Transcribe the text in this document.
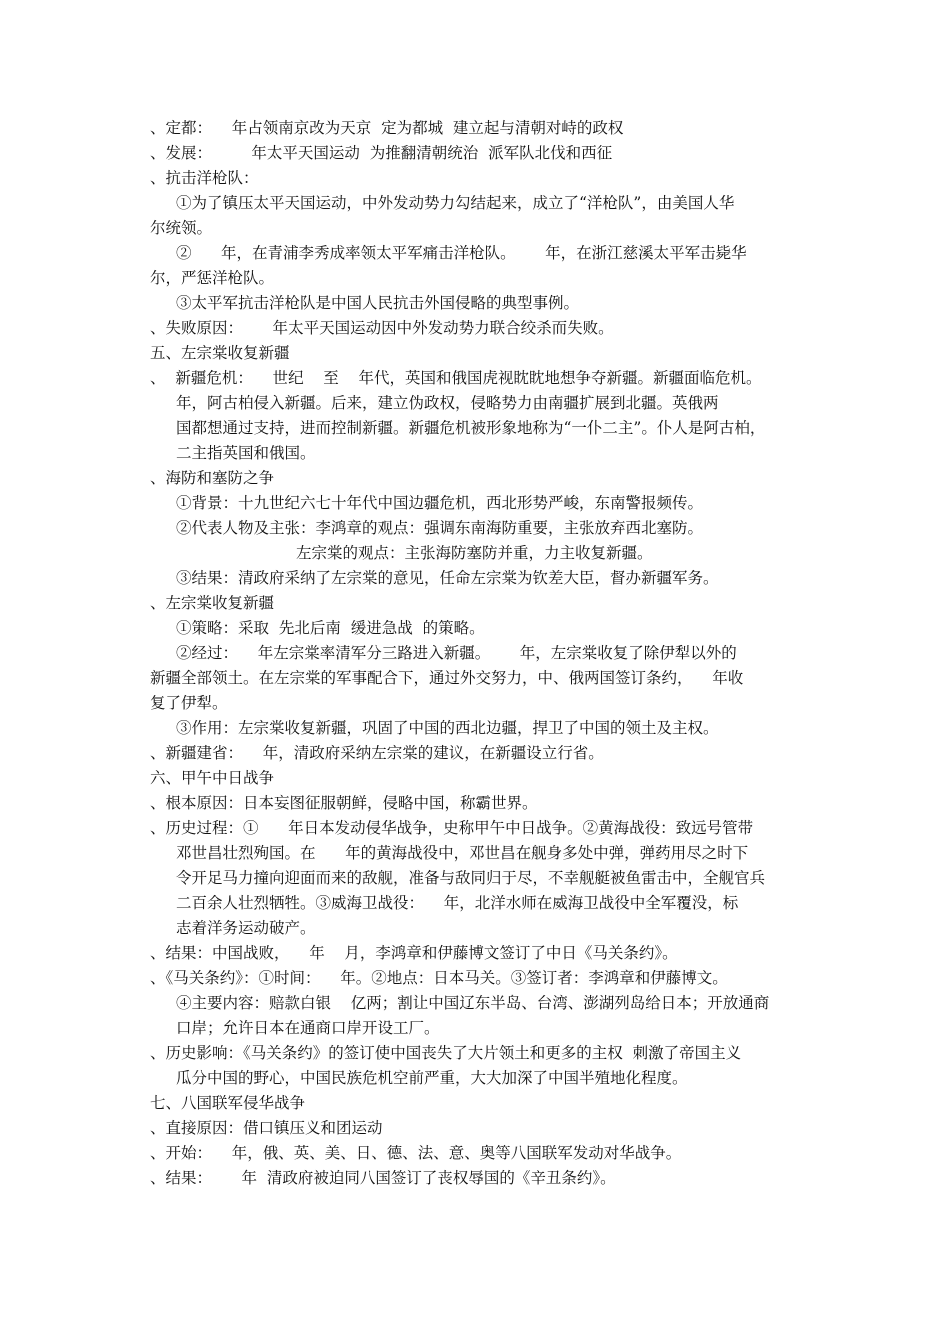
、定都：    年占领南京改为天京  定为都城  建立起与清朝对峙的政权
、发展：        年太平天国运动  为推翻清朝统治  派军队北伐和西征
、抗击洋枪队：
①为了镇压太平天国运动，中外发动势力勾结起来，成立了“洋枪队”，由美国人华
尔统领。
②      年，在青浦李秀成率领太平军痛击洋枪队。      年，在浙江慈溪太平军击毙华
尔，严惩洋枪队。
③太平军抗击洋枪队是中国人民抗击外国侵略的典型事例。
、失败原因：      年太平天国运动因中外发动势力联合绞杀而失败。
五、左宗棠收复新疆
、  新疆危机：    世纪    至    年代，英国和俄国虎视眈眈地想争夺新疆。新疆面临危机。
年，阿古柏侵入新疆。后来，建立伪政权，侵略势力由南疆扩展到北疆。英俄两
国都想通过支持，进而控制新疆。新疆危机被形象地称为“一仆二主”。仆人是阿古柏，
二主指英国和俄国。
、海防和塞防之争
①背景：十九世纪六七十年代中国边疆危机，西北形势严峻，东南警报频传。
②代表人物及主张：李鸿章的观点：强调东南海防重要，主张放弃西北塞防。
左宗棠的观点：主张海防塞防并重，力主收复新疆。
③结果：清政府采纳了左宗棠的意见，任命左宗棠为钦差大臣，督办新疆军务。
、左宗棠收复新疆
①策略：采取  先北后南  缓进急战  的策略。
②经过：    年左宗棠率清军分三路进入新疆。      年，左宗棠收复了除伊犁以外的
新疆全部领土。在左宗棠的军事配合下，通过外交努力，中、俄两国签订条约，    年收
复了伊犁。
③作用：左宗棠收复新疆，巩固了中国的西北边疆，捍卫了中国的领土及主权。
、新疆建省：    年，清政府采纳左宗棠的建议，在新疆设立行省。
六、甲午中日战争
、根本原因：日本妄图征服朝鲜，侵略中国，称霸世界。
、历史过程：①      年日本发动侵华战争，史称甲午中日战争。②黄海战役：致远号管带
邓世昌壮烈殉国。在      年的黄海战役中，邓世昌在舰身多处中弹，弹药用尽之时下
令开足马力撞向迎面而来的敌舰，准备与敌同归于尽，不幸舰艇被鱼雷击中，全舰官兵
二百余人壮烈牺牲。③威海卫战役：    年，北洋水师在威海卫战役中全军覆没，标
志着洋务运动破产。
、结果：中国战败，    年    月，李鸿章和伊藤博文签订了中日《马关条约》。
、《马关条约》：①时间：    年。②地点：日本马关。③签订者：李鸿章和伊藤博文。
④主要内容：赔款白银    亿两；割让中国辽东半岛、台湾、澎湖列岛给日本；开放通商
口岸；允许日本在通商口岸开设工厂。
、历史影响：《马关条约》的签订使中国丧失了大片领土和更多的主权  刺激了帝国主义
瓜分中国的野心，中国民族危机空前严重，大大加深了中国半殖地化程度。
七、八国联军侵华战争
、直接原因：借口镇压义和团运动
、开始：    年，俄、英、美、日、德、法、意、奥等八国联军发动对华战争。
、结果：      年  清政府被迫同八国签订了丧权辱国的《辛丑条约》。
